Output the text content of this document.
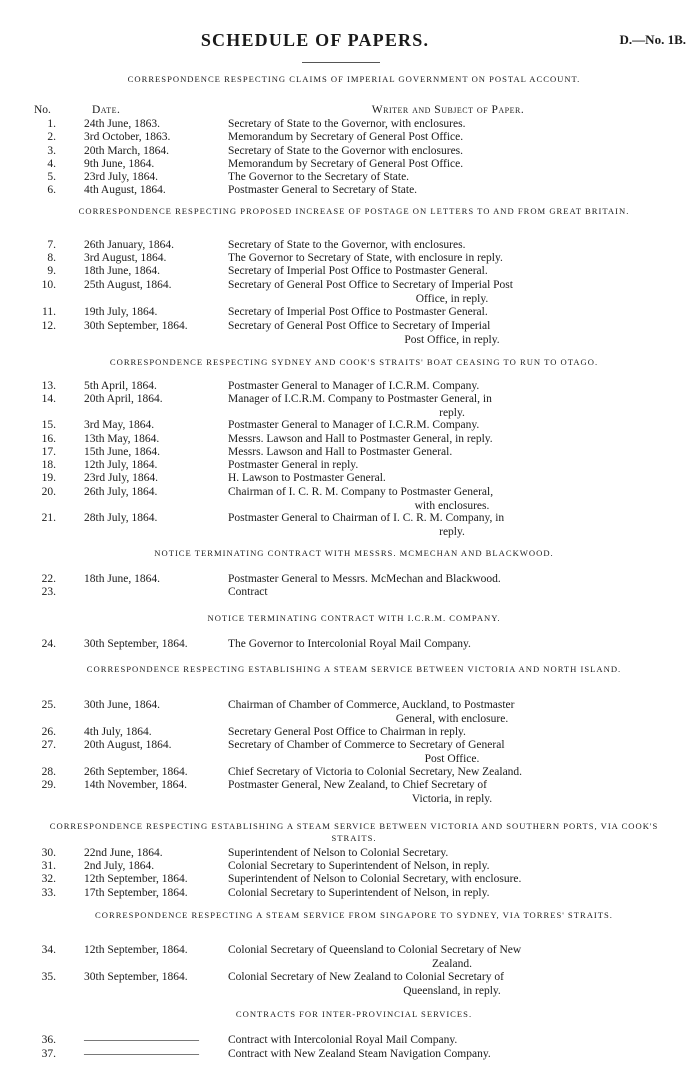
SCHEDULE OF PAPERS.	D.—No. 1B.
No.	Date.	Writer and Subject of Paper.
CORRESPONDENCE RESPECTING CLAIMS OF IMPERIAL GOVERNMENT ON POSTAL ACCOUNT.
1. 24th June, 1863.	Secretary of State to the Governor, with enclosures.
2. 3rd October, 1863.	Memorandum by Secretary of General Post Office.
3. 20th March, 1864.	Secretary of State to the Governor with enclosures.
4. 9th June, 1864.	Memorandum by Secretary of General Post Office.
5. 23rd July, 1864.	The Governor to the Secretary of State.
6. 4th August, 1864.	Postmaster General to Secretary of State.
CORRESPONDENCE RESPECTING PROPOSED INCREASE OF POSTAGE ON LETTERS TO AND FROM GREAT BRITAIN.
7. 26th January, 1864.	Secretary of State to the Governor, with enclosures.
8. 3rd August, 1864.	The Governor to Secretary of State, with enclosure in reply.
9. 18th June, 1864.	Secretary of Imperial Post Office to Postmaster General.
10. 25th August, 1864.	Secretary of General Post Office to Secretary of Imperial Post
Office, in reply.
11. 19th July, 1864.	Secretary of Imperial Post Office to Postmaster General.
12. 30th September, 1864.	Secretary of General Post Office to Secretary of Imperial
Post Office, in reply.
CORRESPONDENCE RESPECTING SYDNEY AND COOK'S STRAITS' BOAT CEASING TO RUN TO OTAGO.
13. 5th April, 1864.	Postmaster General to Manager of I.C.R.M. Company.
14. 20th April, 1864.	Manager of I.C.R.M. Company to Postmaster General, in
reply.
15. 3rd May, 1864.	Postmaster General to Manager of I.C.R.M. Company.
16. 13th May, 1864.	Messrs. Lawson and Hall to Postmaster General, in reply.
17. 15th June, 1864.	Messrs. Lawson and Hall to Postmaster General.
18. 12th July, 1864.	Postmaster General in reply.
19. 23rd July, 1864.	H. Lawson to Postmaster General.
20. 26th July, 1864.	Chairman of I. C. R. M. Company to Postmaster General,
with enclosures.
21. 28th July, 1864.	Postmaster General to Chairman of I. C. R. M. Company, in
reply.
NOTICE TERMINATING CONTRACT WITH MESSRS. MCMECHAN AND BLACKWOOD.
22. 18th June, 1864.	Postmaster General to Messrs. McMechan and Blackwood.
23.	Contract
NOTICE TERMINATING CONTRACT WITH I.C.R.M. COMPANY.
24. 30th September, 1864.	The Governor to Intercolonial Royal Mail Company.
CORRESPONDENCE RESPECTING ESTABLISHING A STEAM SERVICE BETWEEN VICTORIA AND NORTH ISLAND.
25. 30th June, 1864.	Chairman of Chamber of Commerce, Auckland, to Postmaster
General, with enclosure.
26. 4th July, 1864.	Secretary General Post Office to Chairman in reply.
27. 20th August, 1864.	Secretary of Chamber of Commerce to Secretary of General
Post Office.
28. 26th September, 1864.	Chief Secretary of Victoria to Colonial Secretary, New Zealand.
29. 14th November, 1864.	Postmaster General, New Zealand, to Chief Secretary of
Victoria, in reply.
CORRESPONDENCE RESPECTING ESTABLISHING A STEAM SERVICE BETWEEN VICTORIA AND SOUTHERN PORTS, VIA COOK'S STRAITS.
30. 22nd June, 1864.	Superintendent of Nelson to Colonial Secretary.
31. 2nd July, 1864.	Colonial Secretary to Superintendent of Nelson, in reply.
32. 12th September, 1864.	Superintendent of Nelson to Colonial Secretary, with enclosure.
33. 17th September, 1864.	Colonial Secretary to Superintendent of Nelson, in reply.
CORRESPONDENCE RESPECTING A STEAM SERVICE FROM SINGAPORE TO SYDNEY, VIA TORRES' STRAITS.
34. 12th September, 1864.	Colonial Secretary of Queensland to Colonial Secretary of New
Zealand.
35. 30th September, 1864.	Colonial Secretary of New Zealand to Colonial Secretary of
Queensland, in reply.
CONTRACTS FOR INTER-PROVINCIAL SERVICES.
36. ——————————	Contract with Intercolonial Royal Mail Company.
37. ——————————	Contract with New Zealand Steam Navigation Company.
